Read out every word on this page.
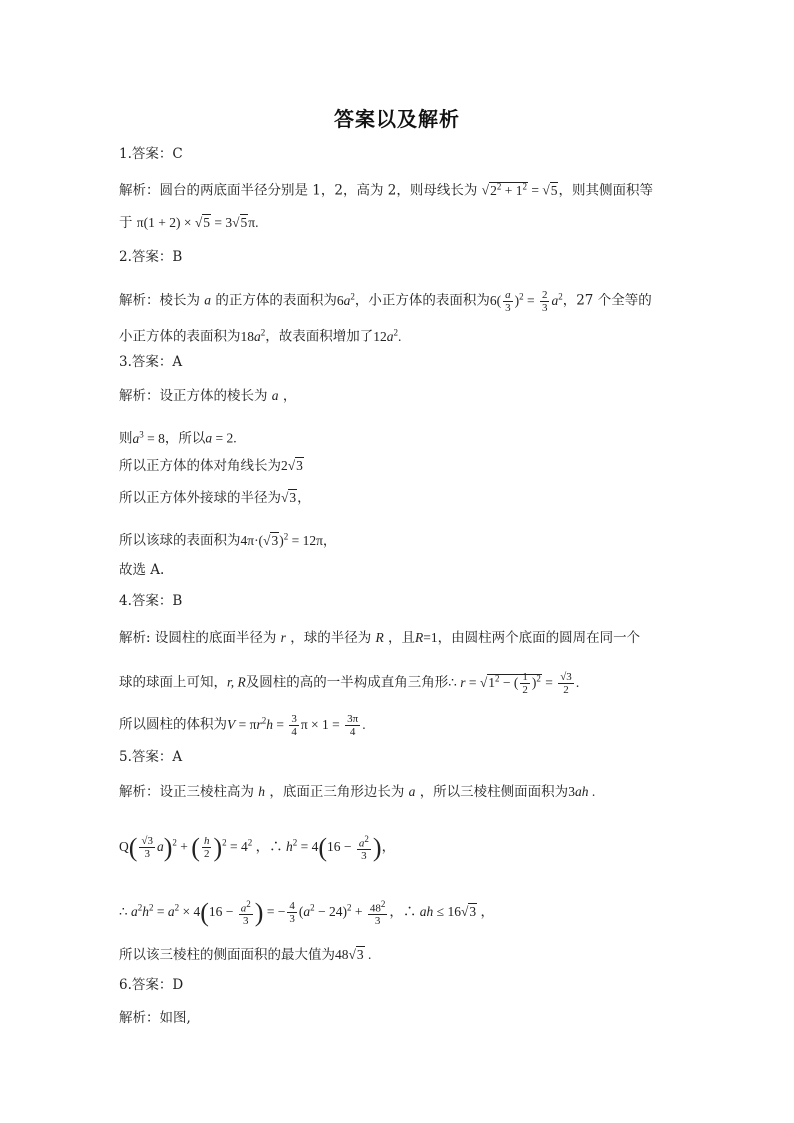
答案以及解析
1.答案：C
解析：圆台的两底面半径分别是 1，2，高为 2，则母线长为 $√2^2 + 1^2 = √5$，则其侧面积等
于 π(1 + 2) × √5 = 3√5π.
2.答案：B
解析：棱长为 a 的正方体的表面积为$6a^2$，小正方体的表面积为$6( \frac{a}{3} )^2 = \frac{2}{3} a^2$，27 个全等的
小正方体的表面积为$18a^2$，故表面积增加了$12a^2$.
3.答案：A
解析：设正方体的棱长为 a ，
则$a^3 = 8$，所以a = 2.
所以正方体的体对角线长为2√3
所以正方体外接球的半径为√3，
所以该球的表面积为$4\pi\cdot(√3)^2 = 12\pi$，
故选 A.
4.答案：B
解析: 设圆柱的底面半径为 r ，球的半径为 R ，且R=1，由圆柱两个底面的圆周在同一个
球的球面上可知，r, R及圆柱的高的一半构成直角三角形∴ $r = √1^2$ − ( $\frac{1}{2} )^2 = \frac{√3}{2}$ .
所以圆柱的体积为$V = \pi r^2h = \frac{3}{4}$ $\pi \times 1 = \frac{3\pi}{4}$ .
5.答案：A
解析：设正三棱柱高为 h ，底面正三角形边长为 a ，所以三棱柱侧面面积为3ah .
$Q( \frac{√3}{3} a)^2$ + ( $\frac{h}{2} )^2 = 4^2$ ，∴ $h^2 = 4(16 - \frac{a^2}{3}$ )，
∴ $a^2h^2 = a^2 \times 4(16 - \frac{a^2}{3}$ ) = − $\frac{4}{3} (a^2 - 24)^2 + \frac{48^2}{3}$ ，∴ ah ≤ 16√3 ，
所以该三棱柱的侧面面积的最大值为48√3 .
6.答案：D
解析：如图,
